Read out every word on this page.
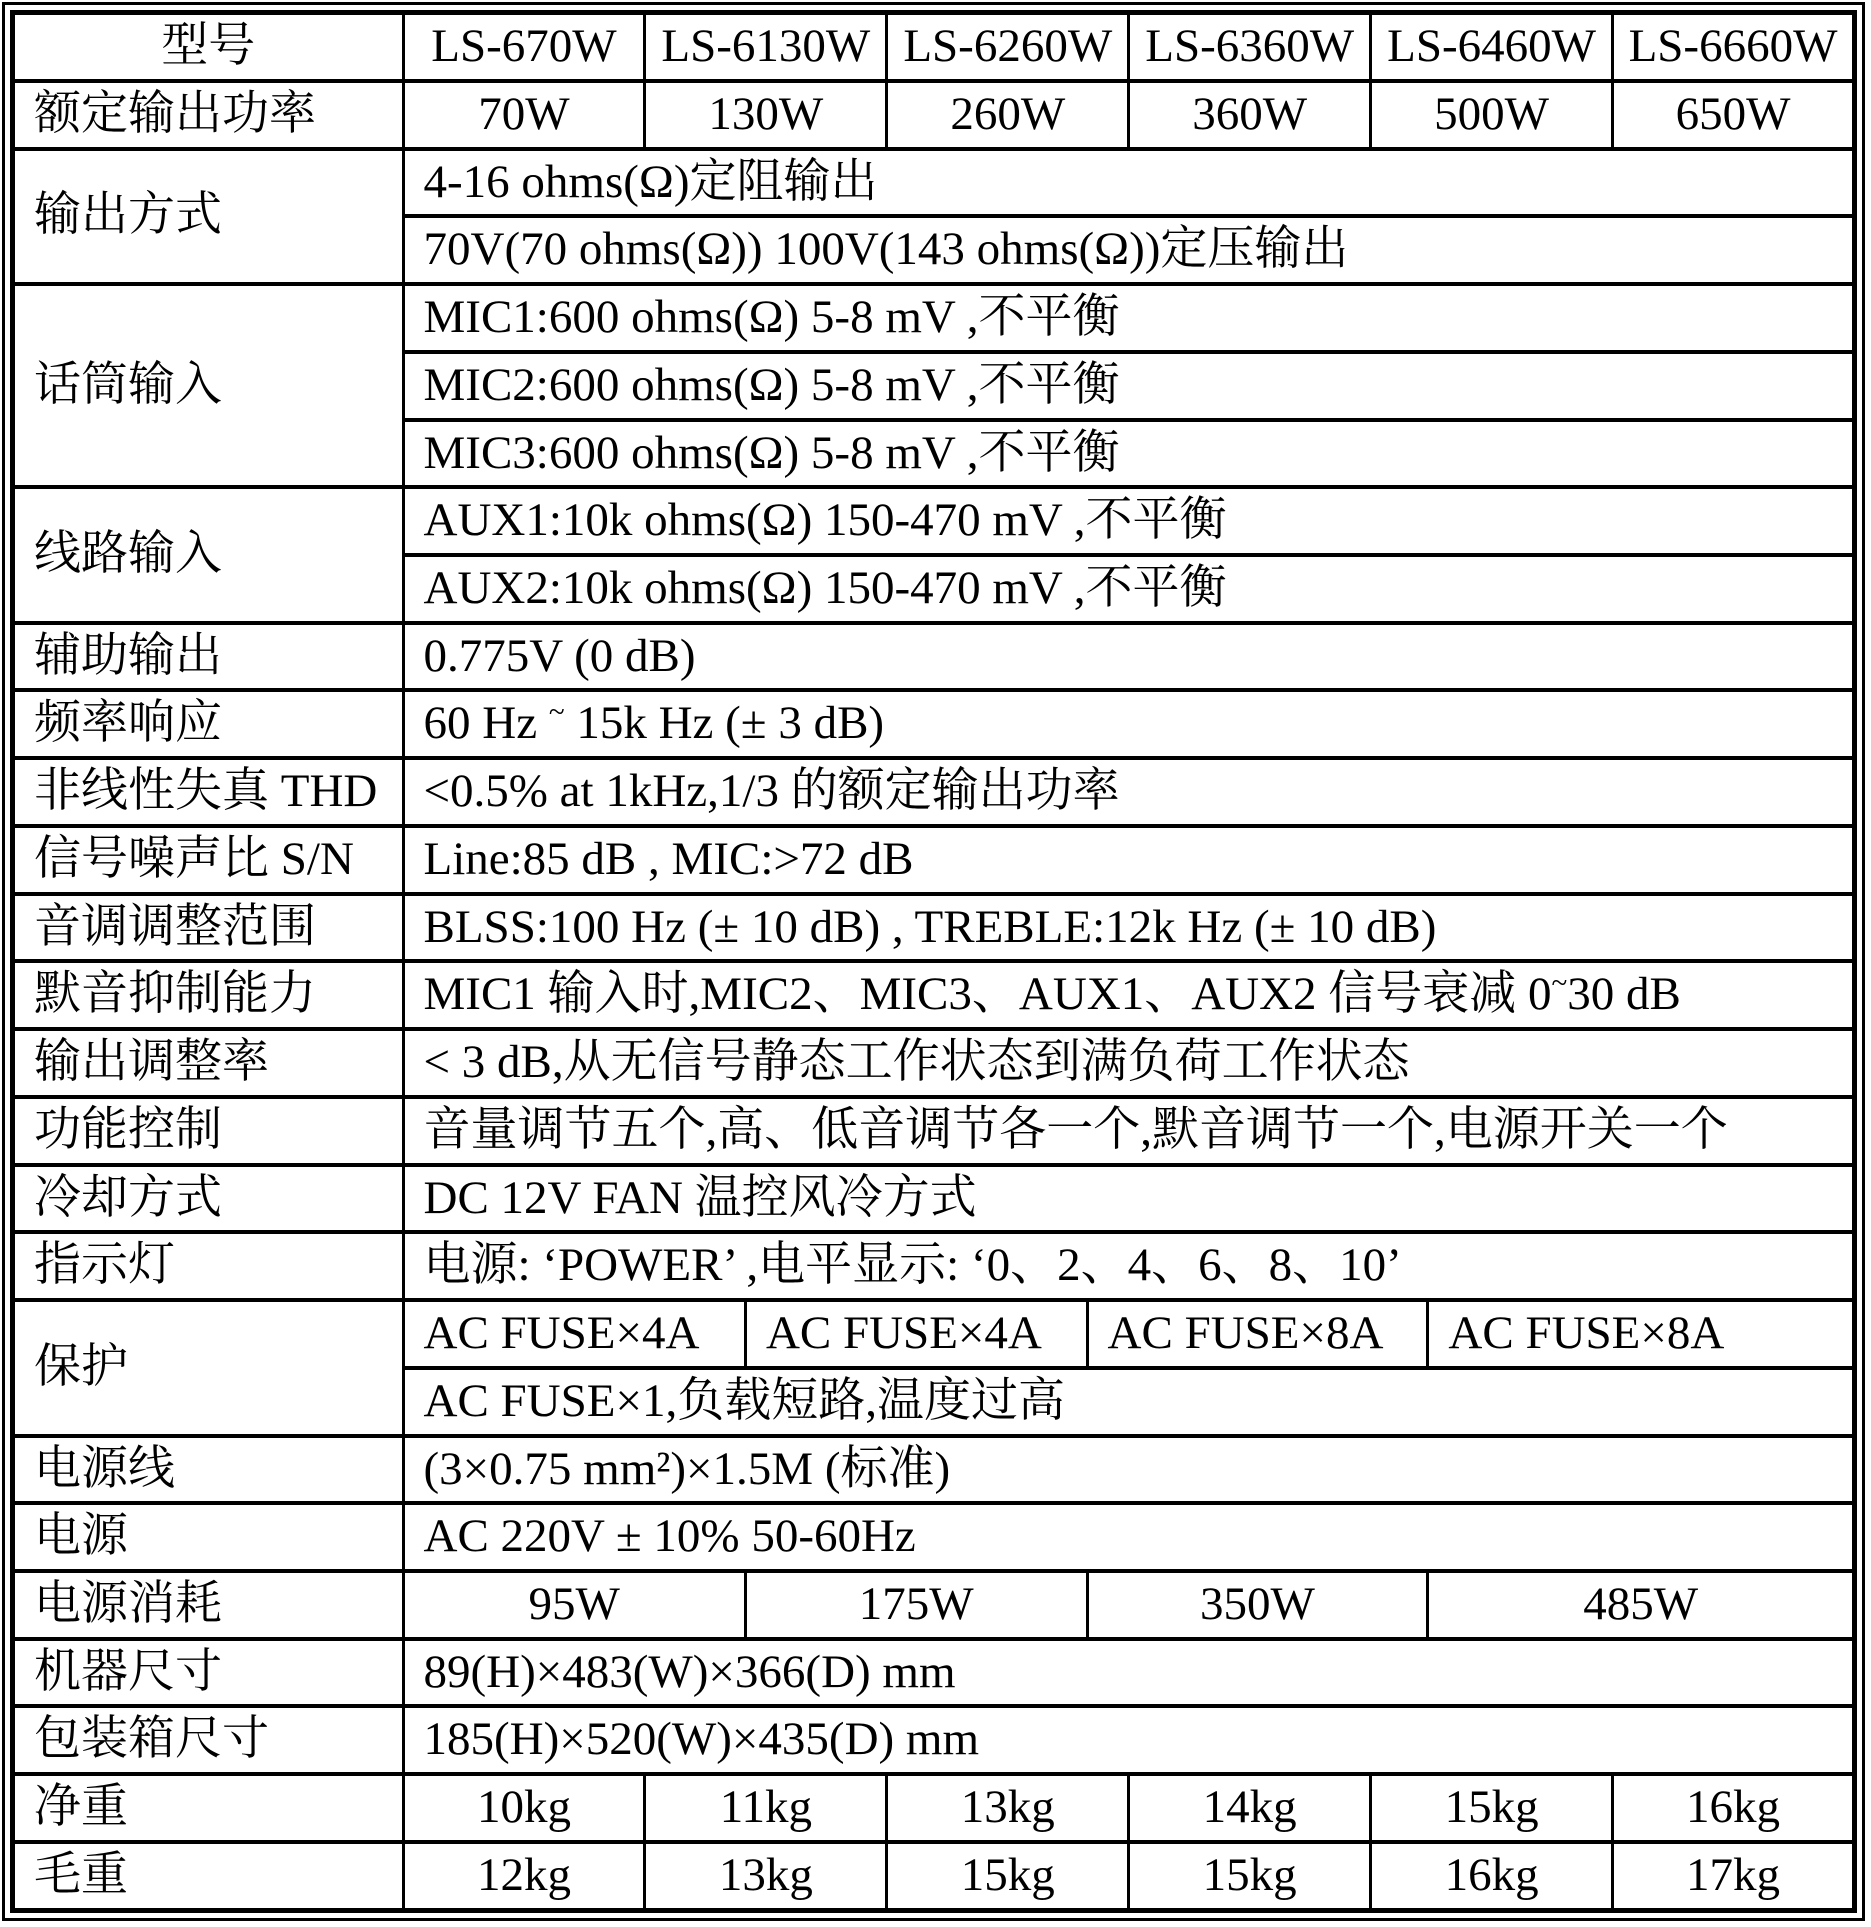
型号	LS-670W	LS-6130W	LS-6260W	LS-6360W	LS-6460W	LS-6660W
额定输出功率	70W	130W	260W	360W	500W	650W
输出方式	4-16 ohms(Ω)定阻输出					
	70V(70 ohms(Ω)) 100V(143 ohms(Ω))定压输出					
话筒输入	MIC1:600 ohms(Ω) 5-8 mV ,不平衡					
	MIC2:600 ohms(Ω) 5-8 mV ,不平衡					
	MIC3:600 ohms(Ω) 5-8 mV ,不平衡					
线路输入	AUX1:10k ohms(Ω) 150-470 mV ,不平衡					
	AUX2:10k ohms(Ω) 150-470 mV ,不平衡					
辅助输出	0.775V (0 dB)					
频率响应	60 Hz ~ 15k Hz (± 3 dB)					
非线性失真 THD	<0.5% at 1kHz,1/3 的额定输出功率					
信号噪声比 S/N	Line:85 dB , MIC:>72 dB					
音调调整范围	BLSS:100 Hz (± 10 dB) , TREBLE:12k Hz (± 10 dB)					
默音抑制能力	MIC1 输入时,MIC2、MIC3、AUX1、AUX2 信号衰减 0~30 dB					
输出调整率	< 3 dB,从无信号静态工作状态到满负荷工作状态					
功能控制	音量调节五个,高、低音调节各一个,默音调节一个,电源开关一个					
冷却方式	DC 12V FAN 温控风冷方式					
指示灯	电源: ‘POWER’ ,电平显示: ‘0、2、4、6、8、10’					
保护	AC FUSE×4A AC FUSE×4A AC FUSE×8A AC FUSE×8A					

	AC FUSE×1,负载短路,温度过高					
电源线	(3×0.75 mm²)×1.5M (标准)					
电源	AC 220V ± 10% 50-60Hz					
电源消耗	95W 175W 350W 485W					

机器尺寸	89(H)×483(W)×366(D) mm					
包装箱尺寸	185(H)×520(W)×435(D) mm					
净重	10kg	11kg	13kg	14kg	15kg	16kg
毛重	12kg	13kg	15kg	15kg	16kg	17kg
